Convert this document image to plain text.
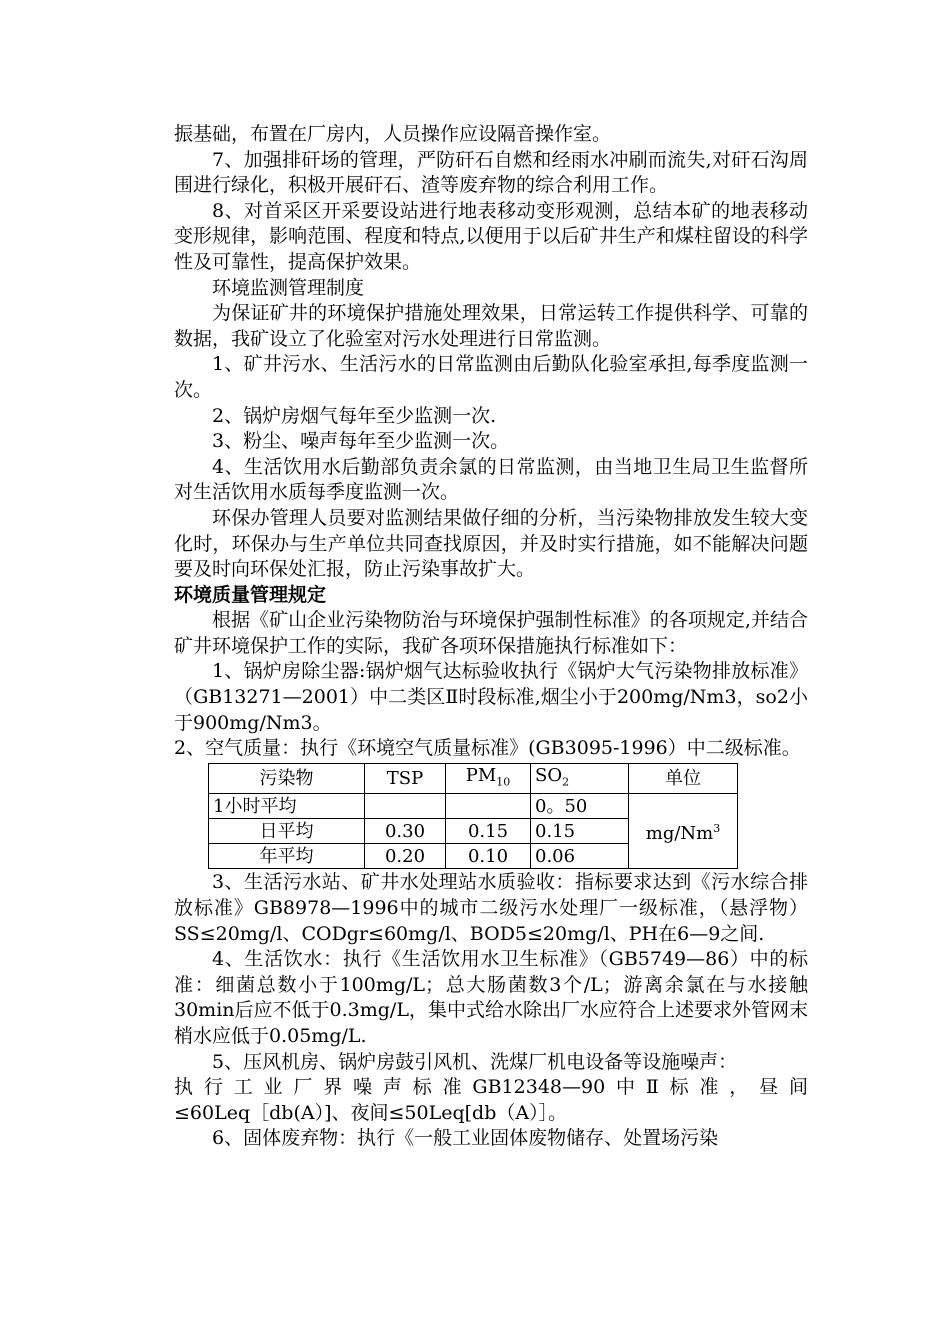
振基础，布置在厂房内，人员操作应设隔音操作室。

7、加强排矸场的管理，严防矸石自燃和经雨水冲刷而流失,对矸石沟周围进行绿化，积极开展矸石、渣等废弃物的综合利用工作。

8、对首采区开采要设站进行地表移动变形观测，总结本矿的地表移动变形规律，影响范围、程度和特点,以便用于以后矿井生产和煤柱留设的科学性及可靠性，提高保护效果。

环境监测管理制度

为保证矿井的环境保护措施处理效果，日常运转工作提供科学、可靠的数据，我矿设立了化验室对污水处理进行日常监测。

1、矿井污水、生活污水的日常监测由后勤队化验室承担,每季度监测一次。

2、锅炉房烟气每年至少监测一次.

3、粉尘、噪声每年至少监测一次。

4、生活饮用水后勤部负责余氯的日常监测，由当地卫生局卫生监督所对生活饮用水质每季度监测一次。

环保办管理人员要对监测结果做仔细的分析，当污染物排放发生较大变化时，环保办与生产单位共同查找原因，并及时实行措施，如不能解决问题要及时向环保处汇报，防止污染事故扩大。

环境质量管理规定

根据《矿山企业污染物防治与环境保护强制性标准》的各项规定,并结合矿井环境保护工作的实际，我矿各项环保措施执行标准如下：

1、锅炉房除尘器:锅炉烟气达标验收执行《锅炉大气污染物排放标准》（GB13271—2001）中二类区Ⅱ时段标准,烟尘小于200mg/Nm3，so2小于900mg/Nm3。

2、空气质量：执行《环境空气质量标准》(GB3095-1996）中二级标准。

污染物	TSP	$PM_{10}$	$SO_2$	单位
1小时平均			0。50	mg/Nm$^3$
日平均	0.30	0.15	0.15	
年平均	0.20	0.10	0.06	

3、生活污水站、矿井水处理站水质验收：指标要求达到《污水综合排放标准》GB8978—1996中的城市二级污水处理厂一级标准，（悬浮物）SS≤20mg/l、CODgr≤60mg/l、BOD5≤20mg/l、PH在6—9之间.

4、生活饮水：执行《生活饮用水卫生标准》（GB5749—86）中的标准：细菌总数小于100mg/L；总大肠菌数3个/L；游离余氯在与水接触30min后应不低于0.3mg/L，集中式给水除出厂水应符合上述要求外管网末梢水应低于0.05mg/L.

5、压风机房、锅炉房鼓引风机、洗煤厂机电设备等设施噪声：

执行工业厂界噪声标准GB12348—90中Ⅱ标准，昼间

≤60Leq［db(A）]、夜间≤50Leq[db（A）］。

6、固体废弃物：执行《一般工业固体废物储存、处置场污染
